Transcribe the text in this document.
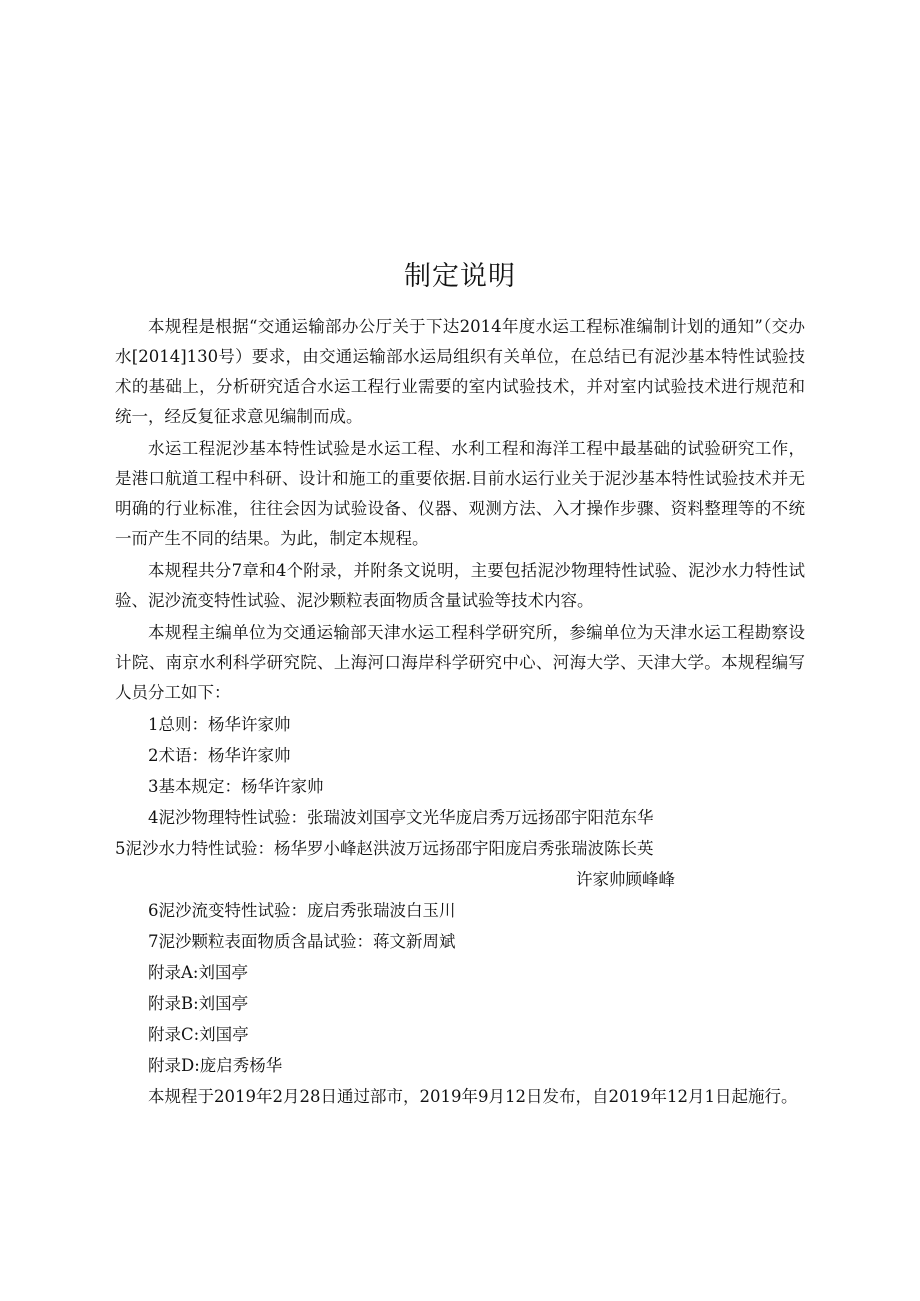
制定说明

本规程是根据“交通运输部办公厅关于下达2014年度水运工程标准编制计划的通知”（交办水[2014]130号）要求，由交通运输部水运局组织有关单位，在总结已有泥沙基本特性试验技术的基础上，分析研究适合水运工程行业需要的室内试验技术，并对室内试验技术进行规范和统一，经反复征求意见编制而成。

水运工程泥沙基本特性试验是水运工程、水利工程和海洋工程中最基础的试验研究工作，是港口航道工程中科研、设计和施工的重要依据.目前水运行业关于泥沙基本特性试验技术并无明确的行业标准，往往会因为试验设备、仪器、观测方法、入才操作步骤、资料整理等的不统一而产生不同的结果。为此，制定本规程。

本规程共分7章和4个附录，并附条文说明，主要包括泥沙物理特性试验、泥沙水力特性试验、泥沙流变特性试验、泥沙颗粒表面物质含量试验等技术内容。

本规程主编单位为交通运输部天津水运工程科学研究所，参编单位为天津水运工程勘察设计院、南京水利科学研究院、上海河口海岸科学研究中心、河海大学、天津大学。本规程编写人员分工如下：

1总则：杨华许家帅

2术语：杨华许家帅

3基本规定：杨华许家帅

4泥沙物理特性试验：张瑞波刘国亭文光华庞启秀万远扬邵宇阳范东华

5泥沙水力特性试验：杨华罗小峰赵洪波万远扬邵宇阳庞启秀张瑞波陈长英

许家帅顾峰峰

6泥沙流变特性试验：庞启秀张瑞波白玉川

7泥沙颗粒表面物质含晶试验：蒋文新周斌

附录A:刘国亭

附录B:刘国亭

附录C:刘国亭

附录D:庞启秀杨华

本规程于2019年2月28日通过部市，2019年9月12日发布，自2019年12月1日起施行。
